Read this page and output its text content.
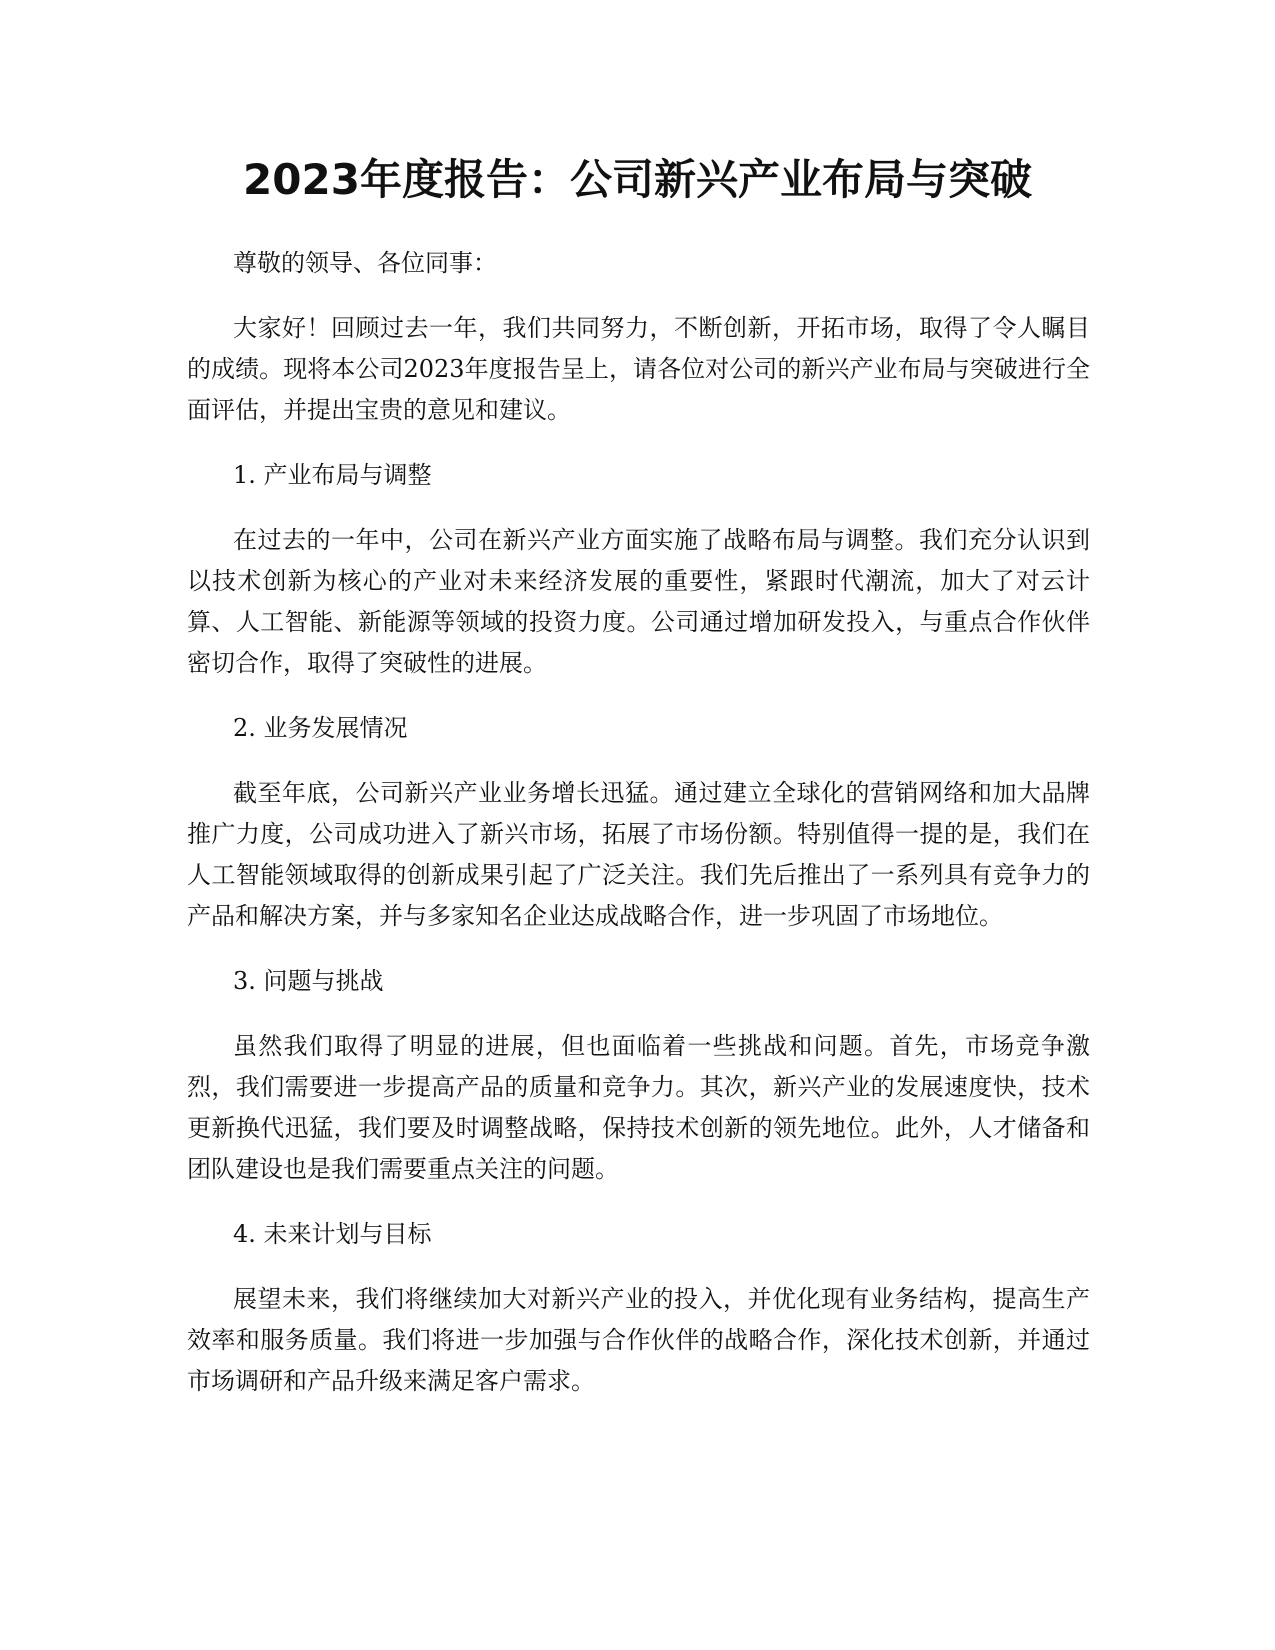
2023年度报告：公司新兴产业布局与突破

尊敬的领导、各位同事：

大家好！回顾过去一年，我们共同努力，不断创新，开拓市场，取得了令人瞩目的成绩。现将本公司2023年度报告呈上，请各位对公司的新兴产业布局与突破进行全面评估，并提出宝贵的意见和建议。

1. 产业布局与调整

在过去的一年中，公司在新兴产业方面实施了战略布局与调整。我们充分认识到以技术创新为核心的产业对未来经济发展的重要性，紧跟时代潮流，加大了对云计算、人工智能、新能源等领域的投资力度。公司通过增加研发投入，与重点合作伙伴密切合作，取得了突破性的进展。

2. 业务发展情况

截至年底，公司新兴产业业务增长迅猛。通过建立全球化的营销网络和加大品牌推广力度，公司成功进入了新兴市场，拓展了市场份额。特别值得一提的是，我们在人工智能领域取得的创新成果引起了广泛关注。我们先后推出了一系列具有竞争力的产品和解决方案，并与多家知名企业达成战略合作，进一步巩固了市场地位。

3. 问题与挑战

虽然我们取得了明显的进展，但也面临着一些挑战和问题。首先，市场竞争激烈，我们需要进一步提高产品的质量和竞争力。其次，新兴产业的发展速度快，技术更新换代迅猛，我们要及时调整战略，保持技术创新的领先地位。此外，人才储备和团队建设也是我们需要重点关注的问题。

4. 未来计划与目标

展望未来，我们将继续加大对新兴产业的投入，并优化现有业务结构，提高生产效率和服务质量。我们将进一步加强与合作伙伴的战略合作，深化技术创新，并通过市场调研和产品升级来满足客户需求。
